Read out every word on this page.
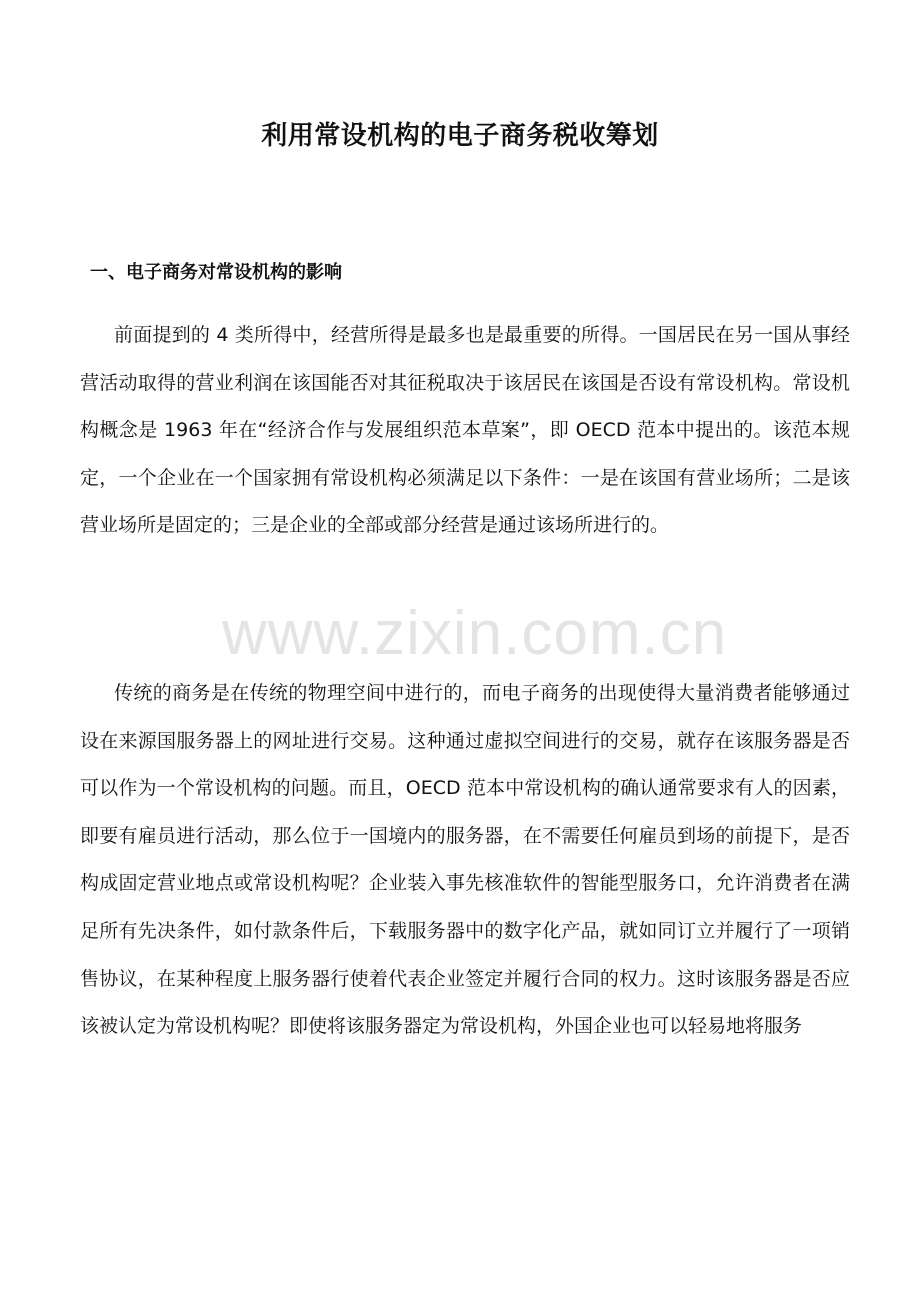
利用常设机构的电子商务税收筹划
一、电子商务对常设机构的影响

前面提到的 4 类所得中，经营所得是最多也是最重要的所得。一国居民在另一国从事经营活动取得的营业利润在该国能否对其征税取决于该居民在该国是否设有常设机构。常设机构概念是 1963 年在“经济合作与发展组织范本草案”，即 OECD 范本中提出的。该范本规定，一个企业在一个国家拥有常设机构必须满足以下条件：一是在该国有营业场所；二是该营业场所是固定的；三是企业的全部或部分经营是通过该场所进行的。

传统的商务是在传统的物理空间中进行的，而电子商务的出现使得大量消费者能够通过设在来源国服务器上的网址进行交易。这种通过虚拟空间进行的交易，就存在该服务器是否可以作为一个常设机构的问题。而且，OECD 范本中常设机构的确认通常要求有人的因素，即要有雇员进行活动，那么位于一国境内的服务器，在不需要任何雇员到场的前提下，是否构成固定营业地点或常设机构呢？企业装入事先核准软件的智能型服务口，允许消费者在满足所有先决条件，如付款条件后，下载服务器中的数字化产品，就如同订立并履行了一项销售协议，在某种程度上服务器行使着代表企业签定并履行合同的权力。这时该服务器是否应该被认定为常设机构呢？即使将该服务器定为常设机构，外国企业也可以轻易地将服务

www.zixin.com.cn
